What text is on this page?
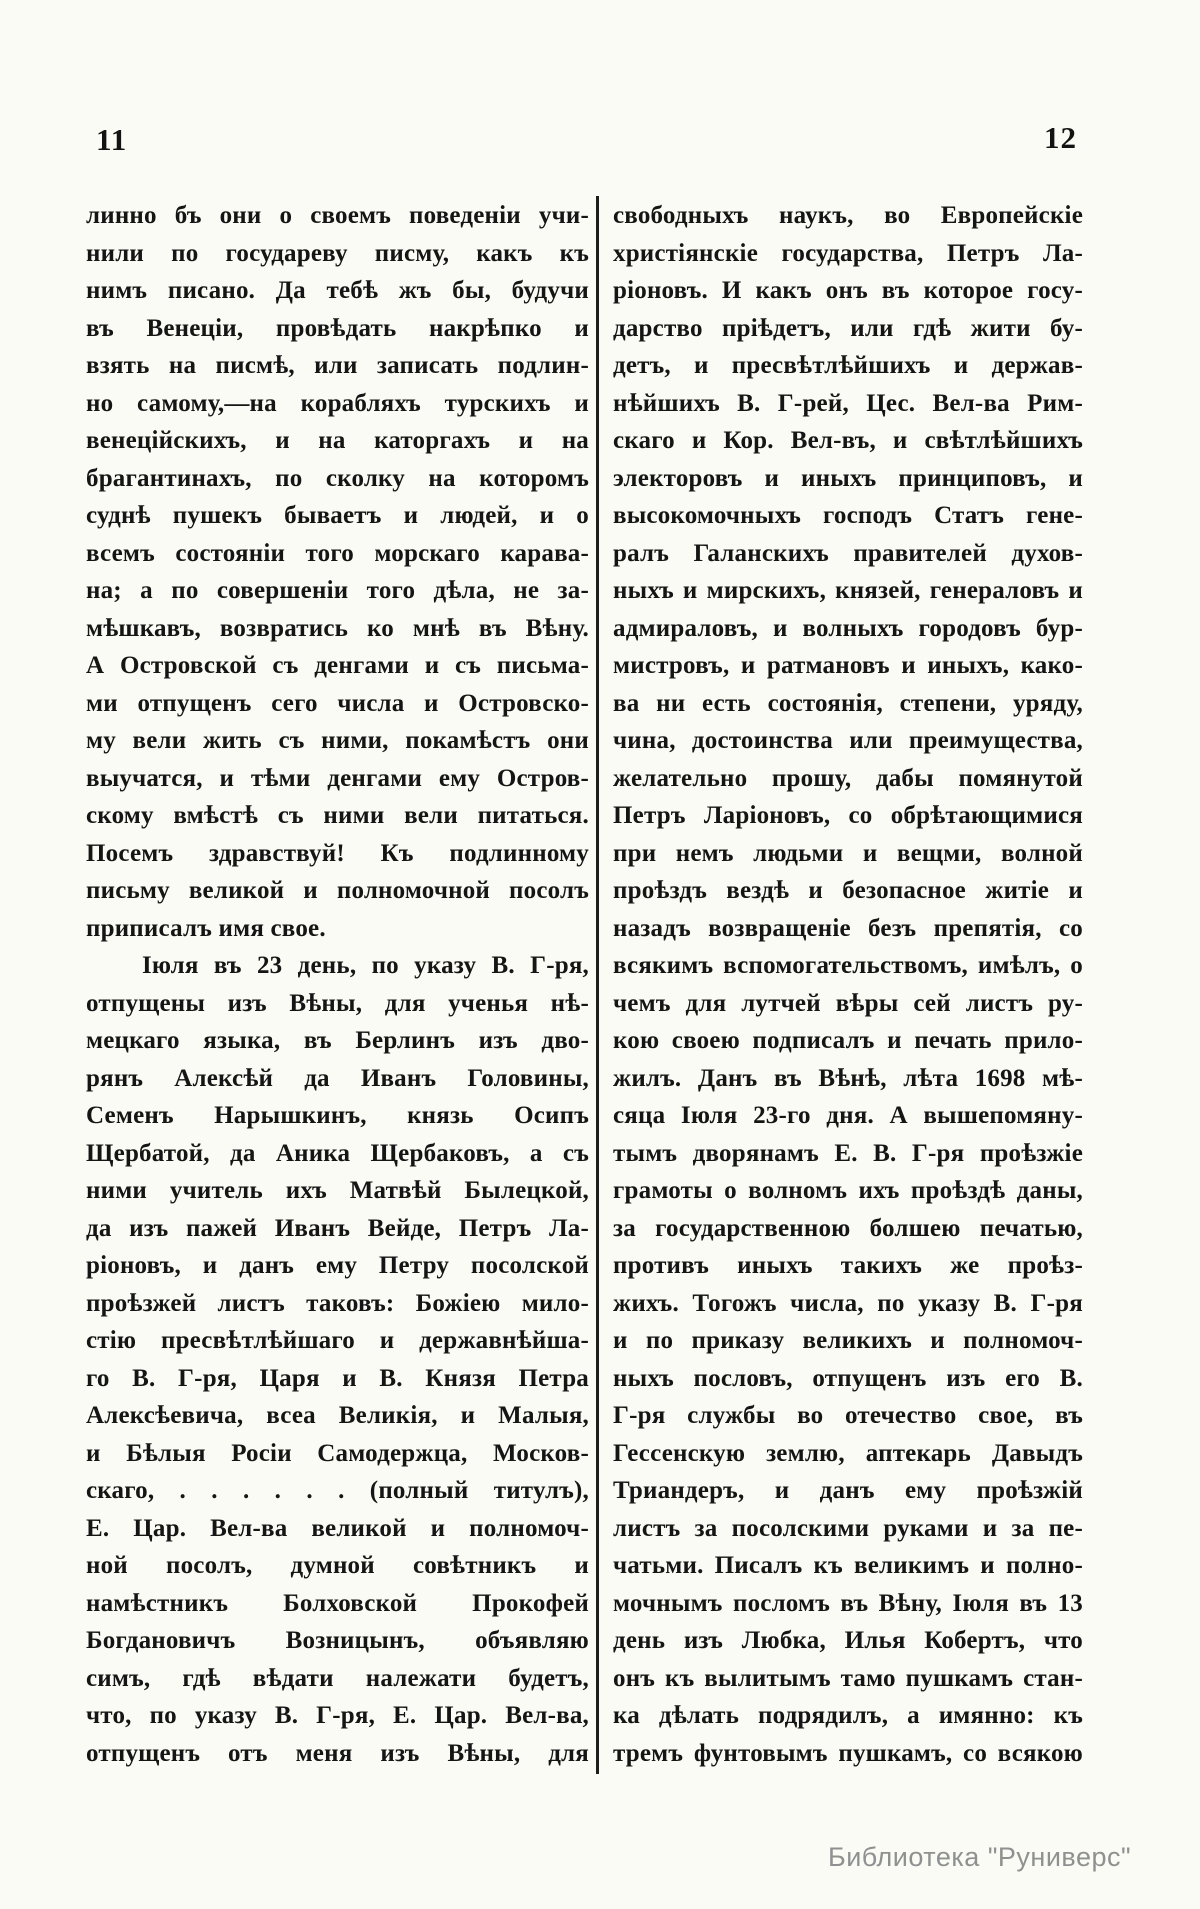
11	12
линно бъ они о своемъ поведеніи учи-
нили по государеву писму, какъ къ
нимъ писано. Да тебѣ жъ бы, будучи
въ Венеціи, провѣдать накрѣпко и
взять на писмѣ, или записать подлин-
но самому,—на корабляхъ турскихъ и
венеційскихъ, и на каторгахъ и на
брагантинахъ, по сколку на которомъ
суднѣ пушекъ бываетъ и людей, и о
всемъ состояніи того морскаго карава-
на; а по совершеніи того дѣла, не за-
мѣшкавъ, возвратись ко мнѣ въ Вѣну.
А Островской съ денгами и съ письма-
ми отпущенъ сего числа и Островско-
му вели жить съ ними, покамѣстъ они
выучатся, и тѣми денгами ему Остров-
скому вмѣстѣ съ ними вели питаться.
Посемъ здравствуй! Къ подлинному
письму великой и полномочной посолъ
приписалъ имя свое.
Іюля въ 23 день, по указу В. Г-ря,
отпущены изъ Вѣны, для ученья нѣ-
мецкаго языка, въ Берлинъ изъ дво-
рянъ Алексѣй да Иванъ Головины,
Семенъ Нарышкинъ, князь Осипъ
Щербатой, да Аника Щербаковъ, а съ
ними учитель ихъ Матвѣй Былецкой,
да изъ пажей Иванъ Вейде, Петръ Ла-
ріоновъ, и данъ ему Петру посолской
проѣзжей листъ таковъ: Божіею мило-
стію пресвѣтлѣйшаго и державнѣйша-
го В. Г-ря, Царя и В. Князя Петра
Алексѣевича, всеа Великія, и Малыя,
и Бѣлыя Росіи Самодержца, Москов-
скаго, . . . . . . (полный титулъ),
Е. Цар. Вел-ва великой и полномоч-
ной посолъ, думной совѣтникъ и
намѣстникъ Болховской Прокофей
Богдановичъ Возницынъ, объявляю
симъ, гдѣ вѣдати належати будетъ,
что, по указу В. Г-ря, Е. Цар. Вел-ва,
отпущенъ отъ меня изъ Вѣны, для
свободныхъ наукъ, во Европейскіе
христіянскіе государства, Петръ Ла-
ріоновъ. И какъ онъ въ которое госу-
дарство пріѣдетъ, или гдѣ жити бу-
детъ, и пресвѣтлѣйшихъ и держав-
нѣйшихъ В. Г-рей, Цес. Вел-ва Рим-
скаго и Кор. Вел-въ, и свѣтлѣйшихъ
электоровъ и иныхъ принциповъ, и
высокомочныхъ господъ Статъ гене-
ралъ Галанскихъ правителей духов-
ныхъ и мирскихъ, князей, генераловъ и
адмираловъ, и волныхъ городовъ бур-
мистровъ, и ратмановъ и иныхъ, како-
ва ни есть состоянія, степени, уряду,
чина, достоинства или преимущества,
желательно прошу, дабы помянутой
Петръ Ларіоновъ, со обрѣтающимися
при немъ людьми и вещми, волной
проѣздъ вездѣ и безопасное житіе и
назадъ возвращеніе безъ препятія, со
всякимъ вспомогательствомъ, имѣлъ, о
чемъ для лутчей вѣры сей листъ ру-
кою своею подписалъ и печать прило-
жилъ. Данъ въ Вѣнѣ, лѣта 1698 мѣ-
сяца Іюля 23-го дня. А вышепомяну-
тымъ дворянамъ Е. В. Г-ря проѣзжіе
грамоты о волномъ ихъ проѣздѣ даны,
за государственною болшею печатью,
противъ иныхъ такихъ же проѣз-
жихъ. Тогожъ числа, по указу В. Г-ря
и по приказу великихъ и полномоч-
ныхъ пословъ, отпущенъ изъ его В.
Г-ря службы во отечество свое, въ
Гессенскую землю, аптекарь Давыдъ
Триандеръ, и данъ ему проѣзжій
листъ за посолскими руками и за пе-
чатьми. Писалъ къ великимъ и полно-
мочнымъ посломъ въ Вѣну, Іюля въ 13
день изъ Любка, Илья Кобертъ, что
онъ къ вылитымъ тамо пушкамъ стан-
ка дѣлать подрядилъ, а имянно: къ
тремъ фунтовымъ пушкамъ, со всякою
Библиотека "Руниверс"
